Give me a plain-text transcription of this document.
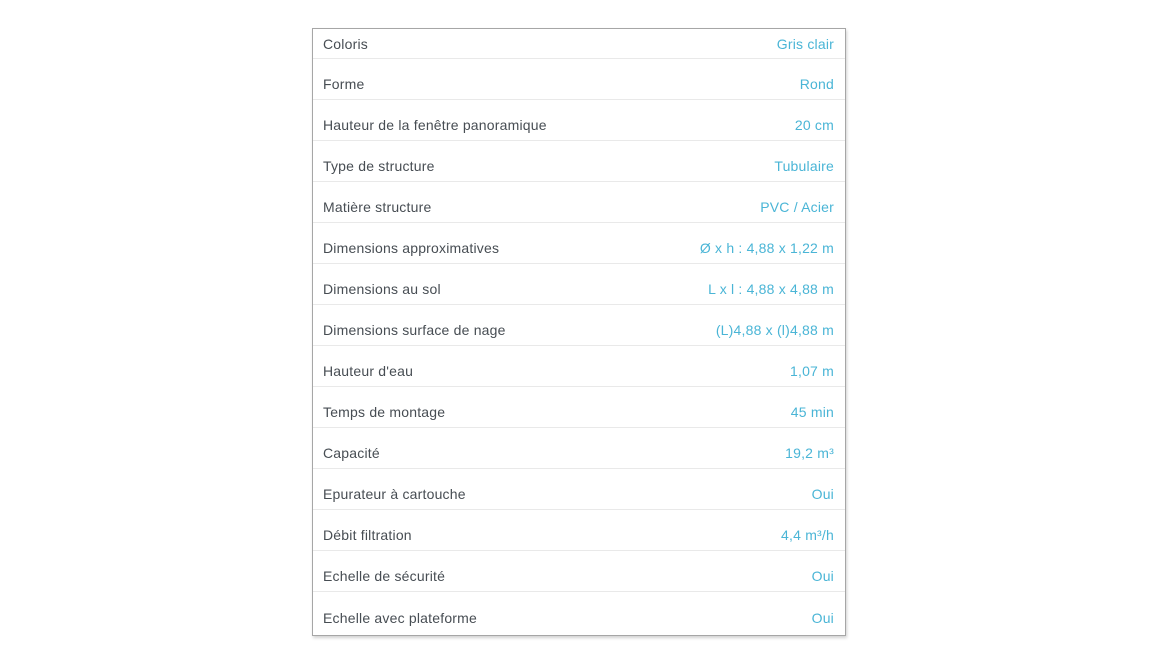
Coloris	Gris clair
Forme	Rond
Hauteur de la fenêtre panoramique	20 cm
Type de structure	Tubulaire
Matière structure	PVC / Acier
Dimensions approximatives	Ø x h : 4,88 x 1,22 m
Dimensions au sol	L x l : 4,88 x 4,88 m
Dimensions surface de nage	(L)4,88 x (l)4,88 m
Hauteur d'eau	1,07 m
Temps de montage	45 min
Capacité	19,2 m³
Epurateur à cartouche	Oui
Débit filtration	4,4 m³/h
Echelle de sécurité	Oui
Echelle avec plateforme	Oui
